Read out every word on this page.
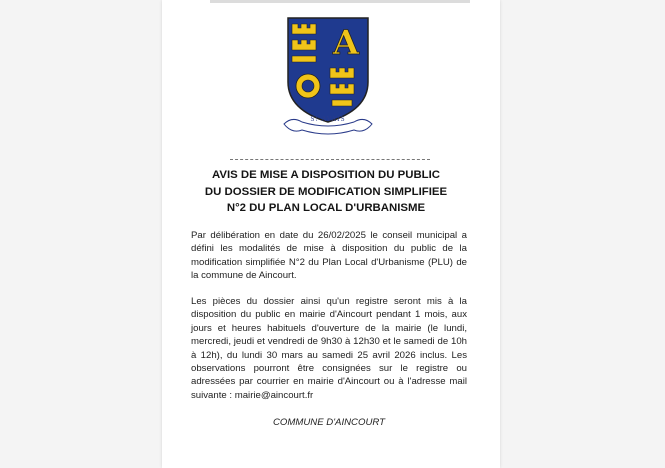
A
S! AVAIS
AVIS DE MISE A DISPOSITION DU PUBLIC
DU DOSSIER DE MODIFICATION SIMPLIFIEE
N°2 DU PLAN LOCAL D'URBANISME

Par délibération en date du 26/02/2025 le conseil municipal a défini les modalités de mise à disposition du public de la modification simplifiée N°2 du Plan Local d'Urbanisme (PLU) de la commune de Aincourt.

Les pièces du dossier ainsi qu'un registre seront mis à la disposition du public en mairie d'Aincourt pendant 1 mois, aux jours et heures habituels d'ouverture de la mairie (le lundi, mercredi, jeudi et vendredi de 9h30 à 12h30 et le samedi de 10h à 12h), du lundi 30 mars au samedi 25 avril 2026 inclus. Les observations pourront être consignées sur le registre ou adressées par courrier en mairie d'Aincourt ou à l'adresse mail suivante : mairie@aincourt.fr

COMMUNE D'AINCOURT
